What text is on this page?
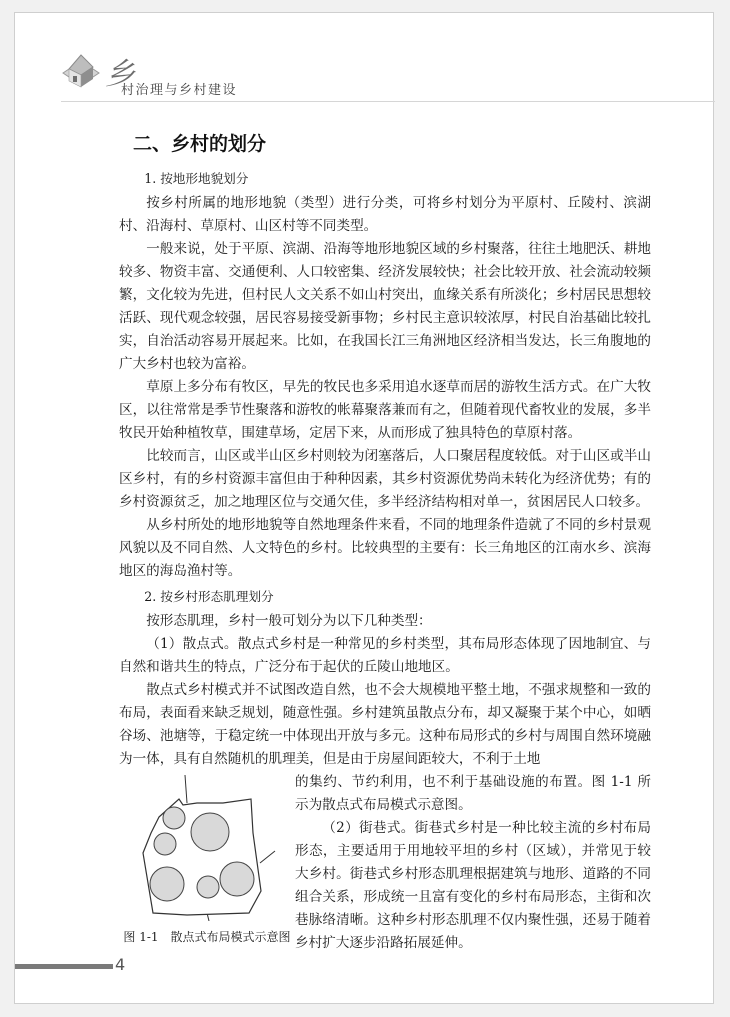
乡
村治理与乡村建设
二、乡村的划分

1. 按地形地貌划分

按乡村所属的地形地貌（类型）进行分类，可将乡村划分为平原村、丘陵村、滨湖村、沿海村、草原村、山区村等不同类型。

一般来说，处于平原、滨湖、沿海等地形地貌区域的乡村聚落，往往土地肥沃、耕地较多、物资丰富、交通便利、人口较密集、经济发展较快；社会比较开放、社会流动较频繁，文化较为先进，但村民人文关系不如山村突出，血缘关系有所淡化；乡村居民思想较活跃、现代观念较强，居民容易接受新事物；乡村民主意识较浓厚，村民自治基础比较扎实，自治活动容易开展起来。比如，在我国长江三角洲地区经济相当发达，长三角腹地的广大乡村也较为富裕。

草原上多分布有牧区，早先的牧民也多采用追水逐草而居的游牧生活方式。在广大牧区，以往常常是季节性聚落和游牧的帐幕聚落兼而有之，但随着现代畜牧业的发展，多半牧民开始种植牧草，围建草场，定居下来，从而形成了独具特色的草原村落。

比较而言，山区或半山区乡村则较为闭塞落后，人口聚居程度较低。对于山区或半山区乡村，有的乡村资源丰富但由于种种因素，其乡村资源优势尚未转化为经济优势；有的乡村资源贫乏，加之地理区位与交通欠佳，多半经济结构相对单一，贫困居民人口较多。

从乡村所处的地形地貌等自然地理条件来看，不同的地理条件造就了不同的乡村景观风貌以及不同自然、人文特色的乡村。比较典型的主要有：长三角地区的江南水乡、滨海地区的海岛渔村等。

2. 按乡村形态肌理划分

按形态肌理，乡村一般可划分为以下几种类型：

（1）散点式。散点式乡村是一种常见的乡村类型，其布局形态体现了因地制宜、与自然和谐共生的特点，广泛分布于起伏的丘陵山地地区。

散点式乡村模式并不试图改造自然，也不会大规模地平整土地，不强求规整和一致的布局，表面看来缺乏规划，随意性强。乡村建筑虽散点分布，却又凝聚于某个中心，如晒谷场、池塘等，于稳定统一中体现出开放与多元。这种布局形式的乡村与周围自然环境融为一体，具有自然随机的肌理美，但是由于房屋间距较大，不利于土地

图 1-1　散点式布局模式示意图

的集约、节约利用，也不利于基础设施的布置。图 1-1 所示为散点式布局模式示意图。

（2）街巷式。街巷式乡村是一种比较主流的乡村布局形态，主要适用于用地较平坦的乡村（区域），并常见于较大乡村。街巷式乡村形态肌理根据建筑与地形、道路的不同组合关系，形成统一且富有变化的乡村布局形态，主街和次巷脉络清晰。这种乡村形态肌理不仅内聚性强，还易于随着乡村扩大逐步沿路拓展延伸。

4
